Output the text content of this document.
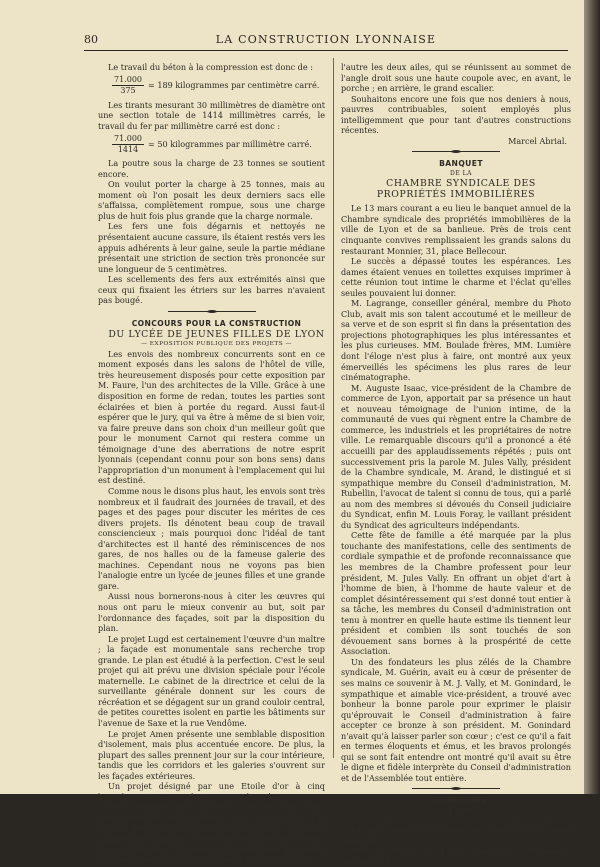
80	LA CONSTRUCTION LYONNAISE

Le travail du béton à la compression est donc de :

$\frac{71.000}{375} = 189$ kilogrammes par centimètre carré.

Les tirants mesurant 30 millimètres de diamètre ont une section totale de 1414 millimètres carrés, le travail du fer par millimètre carré est donc :

$\frac{71.000}{1414} = 50$ kilogrammes par millimètre carré.

La poutre sous la charge de 23 tonnes se soutient encore.

On voulut porter la charge à 25 tonnes, mais au moment où l'on posait les deux derniers sacs elle s'affaissa, complètement rompue, sous une charge plus de huit fois plus grande que la charge normale.

Les fers une fois dégarnis et nettoyés ne présentaient aucune cassure, ils étaient restés vers les appuis adhérents à leur gaine, seule la partie médiane présentait une striction de section très prononcée sur une longueur de 5 centimètres.

Les scellements des fers aux extrémités ainsi que ceux qui fixaient les étriers sur les barres n'avaient pas bougé.

CONCOURS POUR LA CONSTRUCTION

DU LYCÉE DE JEUNES FILLES DE LYON

— EXPOSITION PUBLIQUE DES PROJETS —

Les envois des nombreux concurrents sont en ce moment exposés dans les salons de l'hôtel de ville, très heureusement disposés pour cette exposition par M. Faure, l'un des architectes de la Ville. Grâce à une disposition en forme de redan, toutes les parties sont éclairées et bien à portée du regard. Aussi faut-il espérer que le jury, qui va être à même de si bien voir, va faire preuve dans son choix d'un meilleur goût que pour le monument Carnot qui restera comme un témoignage d'une des aberrations de notre esprit lyonnais (cependant connu pour son bons sens) dans l'appropriation d'un monument à l'emplacement qui lui est destiné.

Comme nous le disons plus haut, les envois sont très nombreux et il faudrait des journées de travail, et des pages et des pages pour discuter les mérites de ces divers projets. Ils dénotent beau coup de travail consciencieux ; mais pourquoi donc l'idéal de tant d'architectes est il hanté des réminiscences de nos gares, de nos halles ou de la fameuse galerie des machines. Cependant nous ne voyons pas bien l'analogie entre un lycée de jeunes filles et une grande gare.

Aussi nous bornerons-nous à citer les œuvres qui nous ont paru le mieux convenir au but, soit par l'ordonnance des façades, soit par la disposition du plan.

Le projet Lugd est certainement l'œuvre d'un maître ; la façade est monumentale sans recherche trop grande. Le plan est étudié à la perfection. C'est le seul projet qui ait prévu une division spéciale pour l'école maternelle. Le cabinet de la directrice et celui de la surveillante générale donnent sur les cours de récréation et se dégagent sur un grand couloir central, de petites courettes isolent en partie les bâtiments sur l'avenue de Saxe et la rue Vendôme.

Le projet Amen présente une semblable disposition d'isolement, mais plus accentuée encore. De plus, la plupart des salles prennent jour sur la cour intérieure, tandis que les corridors et les galeries s'ouvrent sur les façades extérieures.

Un projet désigné par une Etoile d'or à cinq branches nous a aussi beaucoup intéressé.

Pour terminer, nous parlerons encore d'un projet très curieux et très novateur, c'est celui désigné par l'épigraphe A l'angle. De l'un des angles de l'immense quadrilatère proposé, l'auteur de ce projet fait le cœur de son bâtiment. Tout vient y aboutir. Deux immenses galeries à angle droit parcourent d'une extrémité à

l'autre les deux ailes, qui se réunissent au sommet de l'angle droit sous une haute coupole avec, en avant, le porche ; en arrière, le grand escalier.

Souhaitons encore une fois que nos deniers à nous, pauvres contribuables, soient employés plus intelligemment que pour tant d'autres constructions récentes.

Marcel Abrial.

BANQUET

DE LA

CHAMBRE SYNDICALE DES PROPRIÉTÉS IMMOBILIÈRES

Le 13 mars courant a eu lieu le banquet annuel de la Chambre syndicale des propriétés immobilières de la ville de Lyon et de sa banlieue. Près de trois cent cinquante convives remplissaient les grands salons du restaurant Monnier, 31, place Bellecour.

Le succès a dépassé toutes les espérances. Les dames étaient venues en toilettes exquises imprimer à cette réunion tout intime le charme et l'éclat qu'elles seules pouvaient lui donner.

M. Lagrange, conseiller général, membre du Photo Club, avait mis son talent accoutumé et le meilleur de sa verve et de son esprit si fin dans la présentation des projections photographiques les plus intéressantes et les plus curieuses. MM. Boulade frères, MM. Lumière dont l'éloge n'est plus à faire, ont montré aux yeux émerveillés les spécimens les plus rares de leur cinématographe.

M. Auguste Isaac, vice-président de la Chambre de commerce de Lyon, apportait par sa présence un haut et nouveau témoignage de l'union intime, de la communauté de vues qui règnent entre la Chambre de commerce, les industriels et les propriétaires de notre ville. Le remarquable discours qu'il a prononcé a été accueilli par des applaudissements répétés ; puis ont successivement pris la parole M. Jules Vally, président de la Chambre syndicale, M. Arand, le distingué et si sympathique membre du Conseil d'administration, M. Rubellin, l'avocat de talent si connu de tous, qui a parlé au nom des membres si dévoués du Conseil judiciaire du Syndicat, enfin M. Louis Foray, le vaillant président du Syndicat des agriculteurs indépendants.

Cette fête de famille a été marquée par la plus touchante des manifestations, celle des sentiments de cordiale sympathie et de profonde reconnaissance que les membres de la Chambre professent pour leur président, M. Jules Vally. En offrant un objet d'art à l'homme de bien, à l'homme de haute valeur et de complet désintéressement qui s'est donné tout entier à sa tâche, les membres du Conseil d'administration ont tenu à montrer en quelle haute estime ils tiennent leur président et combien ils sont touchés de son dévouement sans bornes à la prospérité de cette Association.

Un des fondateurs les plus zélés de la Chambre syndicale, M. Guérin, avait eu à cœur de présenter de ses mains ce souvenir à M. J. Vally, et M. Gonindard, le sympathique et aimable vice-président, a trouvé avec bonheur la bonne parole pour exprimer le plaisir qu'éprouvait le Conseil d'administration à faire accepter ce bronze à son président. M. Gonindard n'avait qu'à laisser parler son cœur ; c'est ce qu'il a fait en termes éloquents et émus, et les bravos prolongés qui se sont fait entendre ont montré qu'il avait su être le digne et fidèle interprète du Conseil d'administration et de l'Assemblée tout entière.

CONCOURS

LYON

CONSTRUCTION D'UN LYCÉE DE JEUNES FILLES (JURY)

Le jury chargé de juger ce concours est ainsi composé :

MM. le Maire de Lyon, président ; Bellemain, architecte à
